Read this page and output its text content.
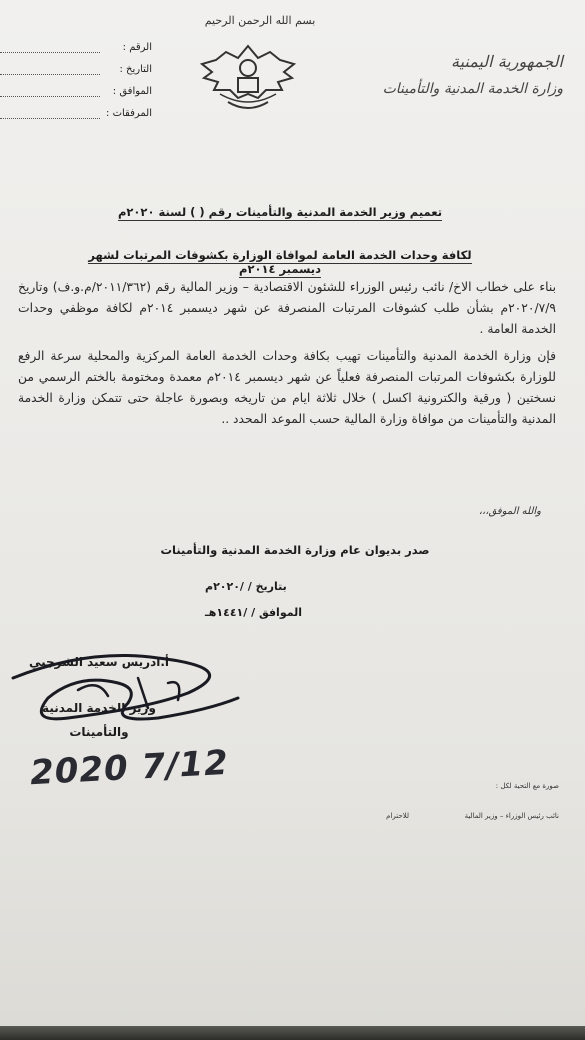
بسم الله الرحمن الرحيم
الجمهورية اليمنية
وزارة الخدمة المدنية والتأمينات
الرقم :
التاريخ :
الموافق :
المرفقات :
تعميم وزير الخدمة المدنية والتأمينات رقم ( ) لسنة ٢٠٢٠م
لكافة وحدات الخدمة العامة لموافاة الوزارة بكشوفات المرتبات لشهر ديسمبر ٢٠١٤م

بناء على خطاب الاخ/ نائب رئيس الوزراء للشئون الاقتصادية – وزير المالية رقم (٢٠١١/٣٦٢/م.و.ف) وتاريخ ٢٠٢٠/٧/٩م بشأن طلب كشوفات المرتبات المنصرفة عن شهر ديسمبر ٢٠١٤م لكافة موظفي وحدات الخدمة العامة .

فإن وزارة الخدمة المدنية والتأمينات تهيب بكافة وحدات الخدمة العامة المركزية والمحلية سرعة الرفع للوزارة بكشوفات المرتبات المنصرفة فعلياً عن شهر ديسمبر ٢٠١٤م معمدة ومختومة بالختم الرسمي من نسختين ( ورقية والكترونية اكسل ) خلال ثلاثة ايام من تاريخه وبصورة عاجلة حتى تتمكن وزارة الخدمة المدنية والتأمينات من موافاة وزارة المالية حسب الموعد المحدد ..

والله الموفق،،،
صدر بديوان عام وزارة الخدمة المدنية والتأمينات
بتاريخ / /٢٠٢٠م
الموافق / /١٤٤١هـ
أ.ادريس سعيد الشرجبي
وزير الخدمة المدنية والتأمينات
2020 7/12	صورة مع التحية لكل :
نائب رئيس الوزراء – وزير المالية
للاحترام
